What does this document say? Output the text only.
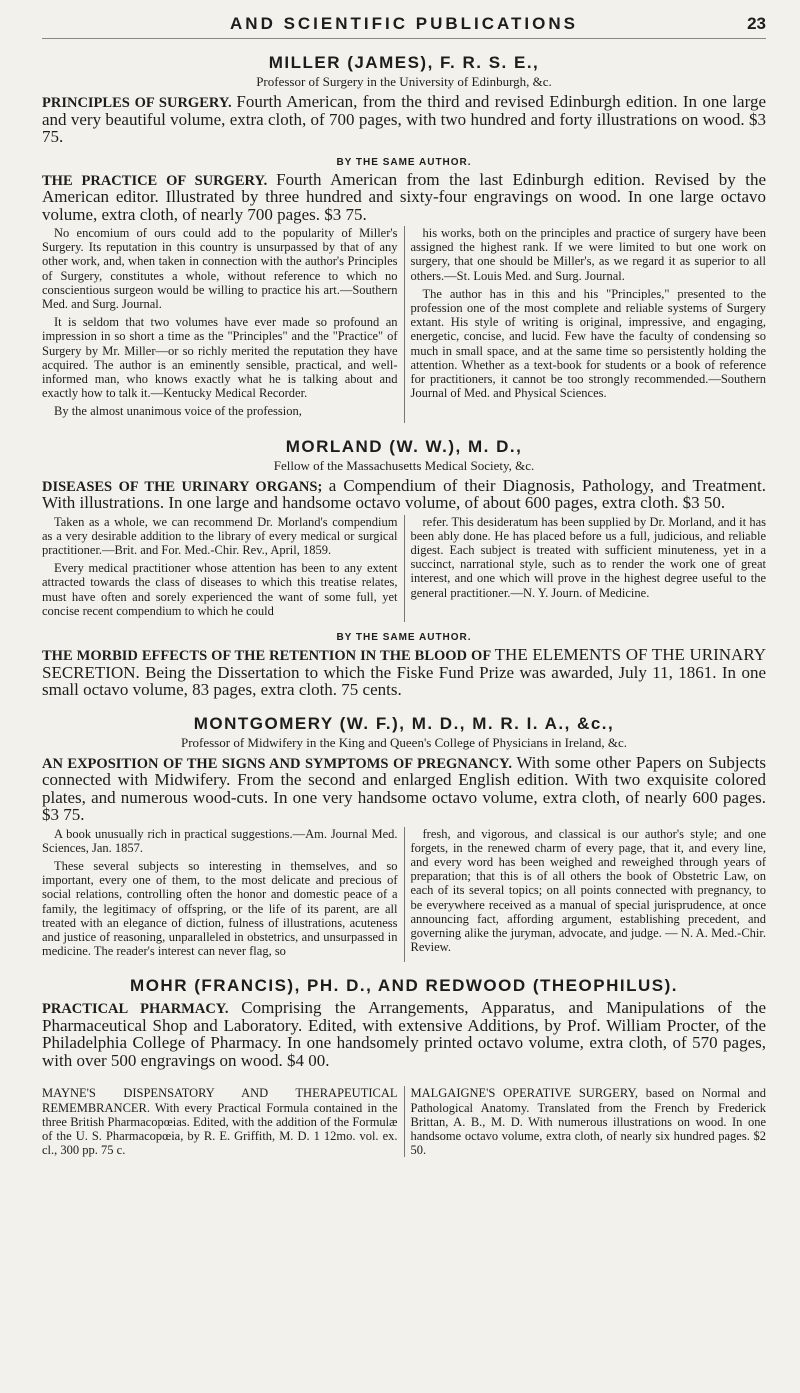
AND SCIENTIFIC PUBLICATIONS	23
MILLER (JAMES), F. R. S. E.,
Professor of Surgery in the University of Edinburgh, &c.
PRINCIPLES OF SURGERY. Fourth American, from the third and revised Edinburgh edition. In one large and very beautiful volume, extra cloth, of 700 pages, with two hundred and forty illustrations on wood. $3 75.
BY THE SAME AUTHOR.
THE PRACTICE OF SURGERY. Fourth American from the last Edinburgh edition. Revised by the American editor. Illustrated by three hundred and sixty-four engravings on wood. In one large octavo volume, extra cloth, of nearly 700 pages. $3 75.

No encomium of ours could add to the popularity of Miller's Surgery. Its reputation in this country is unsurpassed by that of any other work, and, when taken in connection with the author's Principles of Surgery, constitutes a whole, without reference to which no conscientious surgeon would be willing to practice his art.—Southern Med. and Surg. Journal.

It is seldom that two volumes have ever made so profound an impression in so short a time as the "Principles" and the "Practice" of Surgery by Mr. Miller—or so richly merited the reputation they have acquired. The author is an eminently sensible, practical, and well-informed man, who knows exactly what he is talking about and exactly how to talk it.—Kentucky Medical Recorder.

By the almost unanimous voice of the profession,

his works, both on the principles and practice of surgery have been assigned the highest rank. If we were limited to but one work on surgery, that one should be Miller's, as we regard it as superior to all others.—St. Louis Med. and Surg. Journal.

The author has in this and his "Principles," presented to the profession one of the most complete and reliable systems of Surgery extant. His style of writing is original, impressive, and engaging, energetic, concise, and lucid. Few have the faculty of condensing so much in small space, and at the same time so persistently holding the attention. Whether as a text-book for students or a book of reference for practitioners, it cannot be too strongly recommended.—Southern Journal of Med. and Physical Sciences.

MORLAND (W. W.), M. D.,
Fellow of the Massachusetts Medical Society, &c.
DISEASES OF THE URINARY ORGANS; a Compendium of their Diagnosis, Pathology, and Treatment. With illustrations. In one large and handsome octavo volume, of about 600 pages, extra cloth. $3 50.

Taken as a whole, we can recommend Dr. Morland's compendium as a very desirable addition to the library of every medical or surgical practitioner.—Brit. and For. Med.-Chir. Rev., April, 1859.

Every medical practitioner whose attention has been to any extent attracted towards the class of diseases to which this treatise relates, must have often and sorely experienced the want of some full, yet concise recent compendium to which he could

refer. This desideratum has been supplied by Dr. Morland, and it has been ably done. He has placed before us a full, judicious, and reliable digest. Each subject is treated with sufficient minuteness, yet in a succinct, narrational style, such as to render the work one of great interest, and one which will prove in the highest degree useful to the general practitioner.—N. Y. Journ. of Medicine.

BY THE SAME AUTHOR.
THE MORBID EFFECTS OF THE RETENTION IN THE BLOOD OF THE ELEMENTS OF THE URINARY SECRETION. Being the Dissertation to which the Fiske Fund Prize was awarded, July 11, 1861. In one small octavo volume, 83 pages, extra cloth. 75 cents.
MONTGOMERY (W. F.), M. D., M. R. I. A., &c.,
Professor of Midwifery in the King and Queen's College of Physicians in Ireland, &c.
AN EXPOSITION OF THE SIGNS AND SYMPTOMS OF PREGNANCY. With some other Papers on Subjects connected with Midwifery. From the second and enlarged English edition. With two exquisite colored plates, and numerous wood-cuts. In one very handsome octavo volume, extra cloth, of nearly 600 pages. $3 75.

A book unusually rich in practical suggestions.—Am. Journal Med. Sciences, Jan. 1857.

These several subjects so interesting in themselves, and so important, every one of them, to the most delicate and precious of social relations, controlling often the honor and domestic peace of a family, the legitimacy of offspring, or the life of its parent, are all treated with an elegance of diction, fulness of illustrations, acuteness and justice of reasoning, unparalleled in obstetrics, and unsurpassed in medicine. The reader's interest can never flag, so

fresh, and vigorous, and classical is our author's style; and one forgets, in the renewed charm of every page, that it, and every line, and every word has been weighed and reweighed through years of preparation; that this is of all others the book of Obstetric Law, on each of its several topics; on all points connected with pregnancy, to be everywhere received as a manual of special jurisprudence, at once announcing fact, affording argument, establishing precedent, and governing alike the juryman, advocate, and judge. — N. A. Med.-Chir. Review.

MOHR (FRANCIS), PH. D., AND REDWOOD (THEOPHILUS).
PRACTICAL PHARMACY. Comprising the Arrangements, Apparatus, and Manipulations of the Pharmaceutical Shop and Laboratory. Edited, with extensive Additions, by Prof. William Procter, of the Philadelphia College of Pharmacy. In one handsomely printed octavo volume, extra cloth, of 570 pages, with over 500 engravings on wood. $4 00.

MAYNE'S DISPENSATORY AND THERAPEUTICAL REMEMBRANCER. With every Practical Formula contained in the three British Pharmacopœias. Edited, with the addition of the Formulæ of the U. S. Pharmacopœia, by R. E. Griffith, M. D. 1 12mo. vol. ex. cl., 300 pp. 75 c.

MALGAIGNE'S OPERATIVE SURGERY, based on Normal and Pathological Anatomy. Translated from the French by Frederick Brittan, A. B., M. D. With numerous illustrations on wood. In one handsome octavo volume, extra cloth, of nearly six hundred pages. $2 50.
